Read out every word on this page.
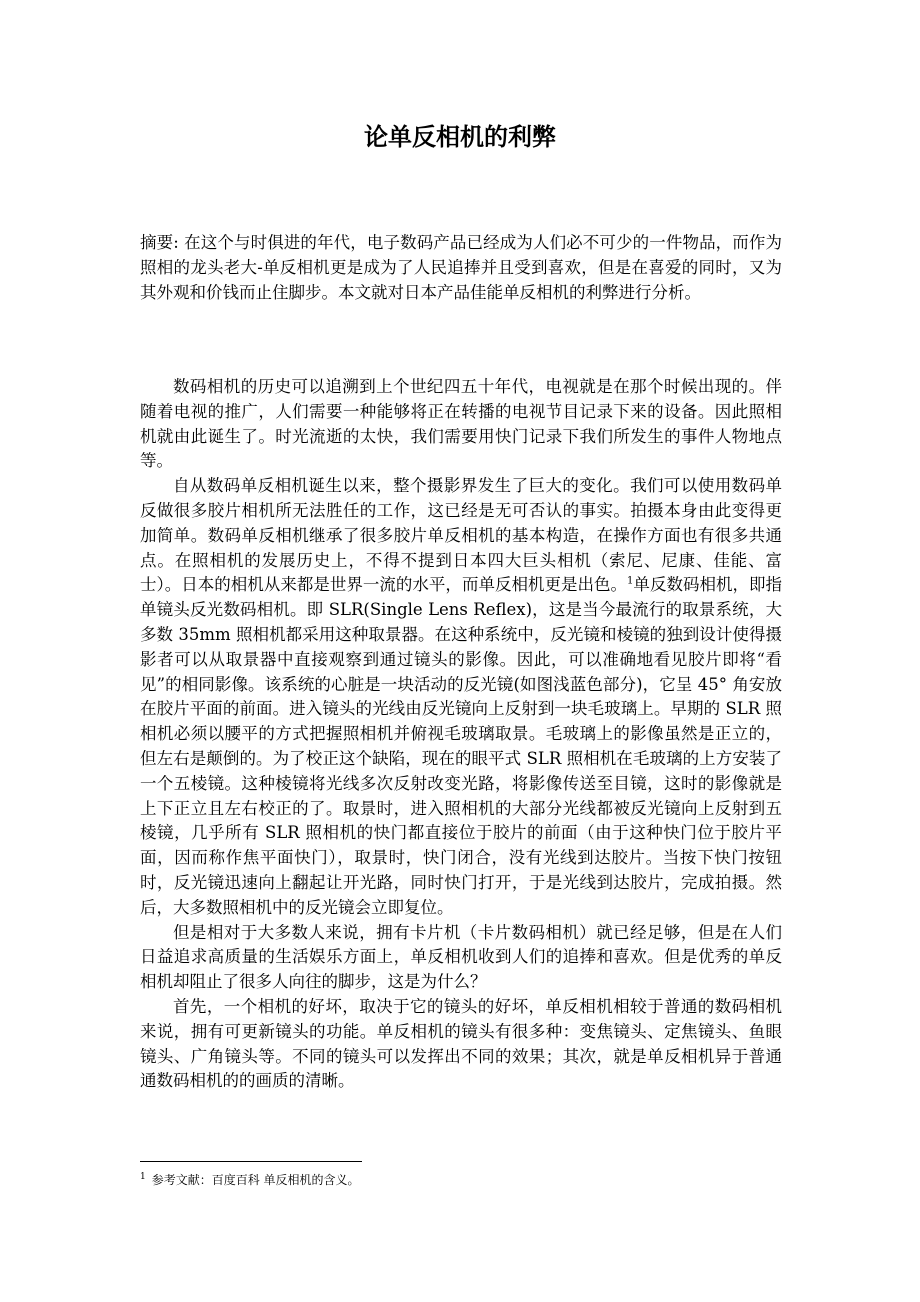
论单反相机的利弊

摘要: 在这个与时俱进的年代，电子数码产品已经成为人们必不可少的一件物品，而作为照相的龙头老大-单反相机更是成为了人民追捧并且受到喜欢，但是在喜爱的同时，又为其外观和价钱而止住脚步。本文就对日本产品佳能单反相机的利弊进行分析。

数码相机的历史可以追溯到上个世纪四五十年代，电视就是在那个时候出现的。伴随着电视的推广，人们需要一种能够将正在转播的电视节目记录下来的设备。因此照相机就由此诞生了。时光流逝的太快，我们需要用快门记录下我们所发生的事件人物地点等。

自从数码单反相机诞生以来，整个摄影界发生了巨大的变化。我们可以使用数码单反做很多胶片相机所无法胜任的工作，这已经是无可否认的事实。拍摄本身由此变得更加简单。数码单反相机继承了很多胶片单反相机的基本构造，在操作方面也有很多共通点。在照相机的发展历史上，不得不提到日本四大巨头相机（索尼、尼康、佳能、富士）。日本的相机从来都是世界一流的水平，而单反相机更是出色。$^1$单反数码相机，即指单镜头反光数码相机。即 SLR(Single Lens Reflex)，这是当今最流行的取景系统，大多数 35mm 照相机都采用这种取景器。在这种系统中，反光镜和棱镜的独到设计使得摄影者可以从取景器中直接观察到通过镜头的影像。因此，可以准确地看见胶片即将“看见”的相同影像。该系统的心脏是一块活动的反光镜(如图浅蓝色部分)，它呈 45° 角安放在胶片平面的前面。进入镜头的光线由反光镜向上反射到一块毛玻璃上。早期的 SLR 照相机必须以腰平的方式把握照相机并俯视毛玻璃取景。毛玻璃上的影像虽然是正立的，但左右是颠倒的。为了校正这个缺陷，现在的眼平式 SLR 照相机在毛玻璃的上方安装了一个五棱镜。这种棱镜将光线多次反射改变光路，将影像传送至目镜，这时的影像就是上下正立且左右校正的了。取景时，进入照相机的大部分光线都被反光镜向上反射到五棱镜，几乎所有 SLR 照相机的快门都直接位于胶片的前面（由于这种快门位于胶片平面，因而称作焦平面快门），取景时，快门闭合，没有光线到达胶片。当按下快门按钮时，反光镜迅速向上翻起让开光路，同时快门打开，于是光线到达胶片，完成拍摄。然后，大多数照相机中的反光镜会立即复位。

但是相对于大多数人来说，拥有卡片机（卡片数码相机）就已经足够，但是在人们日益追求高质量的生活娱乐方面上，单反相机收到人们的追捧和喜欢。但是优秀的单反相机却阻止了很多人向往的脚步，这是为什么？

首先，一个相机的好坏，取决于它的镜头的好坏，单反相机相较于普通的数码相机来说，拥有可更新镜头的功能。单反相机的镜头有很多种：变焦镜头、定焦镜头、鱼眼镜头、广角镜头等。不同的镜头可以发挥出不同的效果；其次，就是单反相机异于普通通数码相机的的画质的清晰。

$^1$ 参考文献：百度百科 单反相机的含义。
